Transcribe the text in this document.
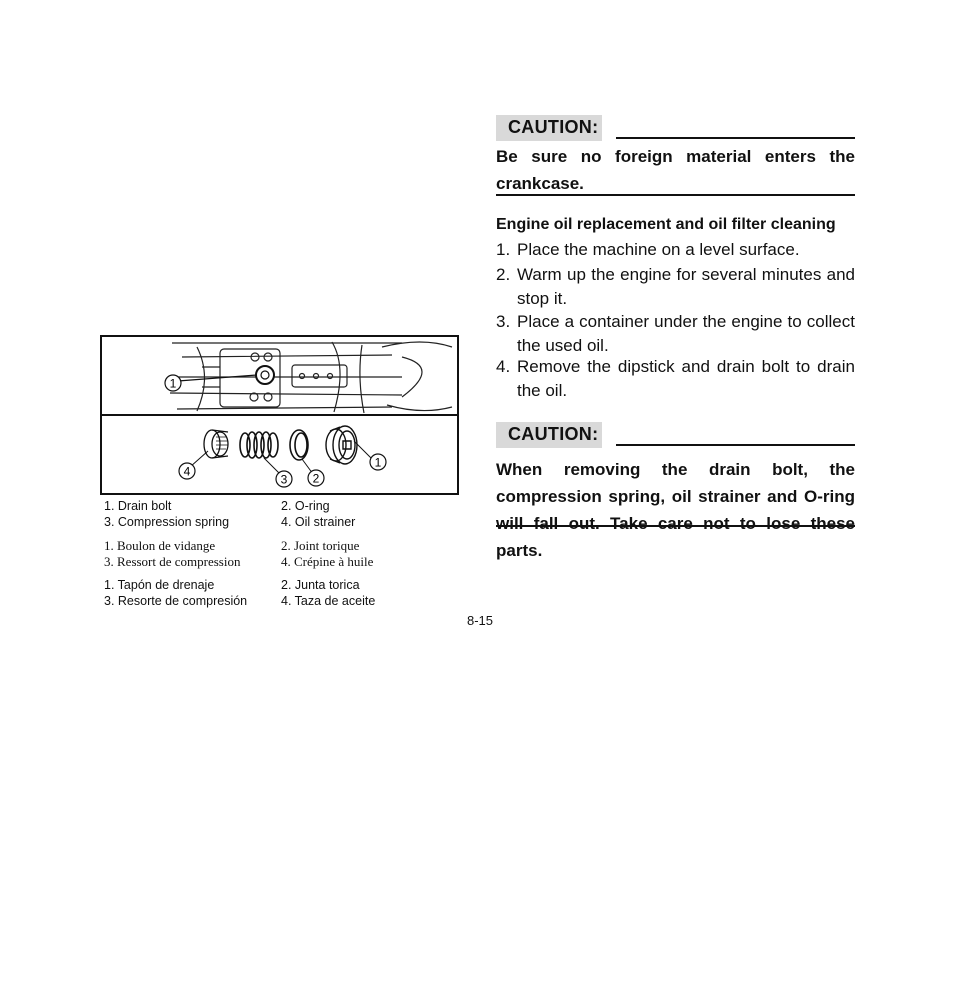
1
4
3 2
1
1. Drain bolt	2. O-ring
3. Compression spring	4. Oil strainer
1. Boulon de vidange	2. Joint torique
3. Ressort de compression	4. Crépine à huile
1. Tapón de drenaje	2. Junta torica
3. Resorte de compresión	4. Taza de aceite
8-15
CAUTION:
Be sure no foreign material enters the crankcase.
Engine oil replacement and oil filter cleaning
1. Place the machine on a level surface.
2. Warm up the engine for several minutes and stop it.
3. Place a container under the engine to collect the used oil.
4. Remove the dipstick and drain bolt to drain the oil.
CAUTION:
When removing the drain bolt, the compression spring, oil strainer and O-ring will fall out. Take care not to lose these parts.
